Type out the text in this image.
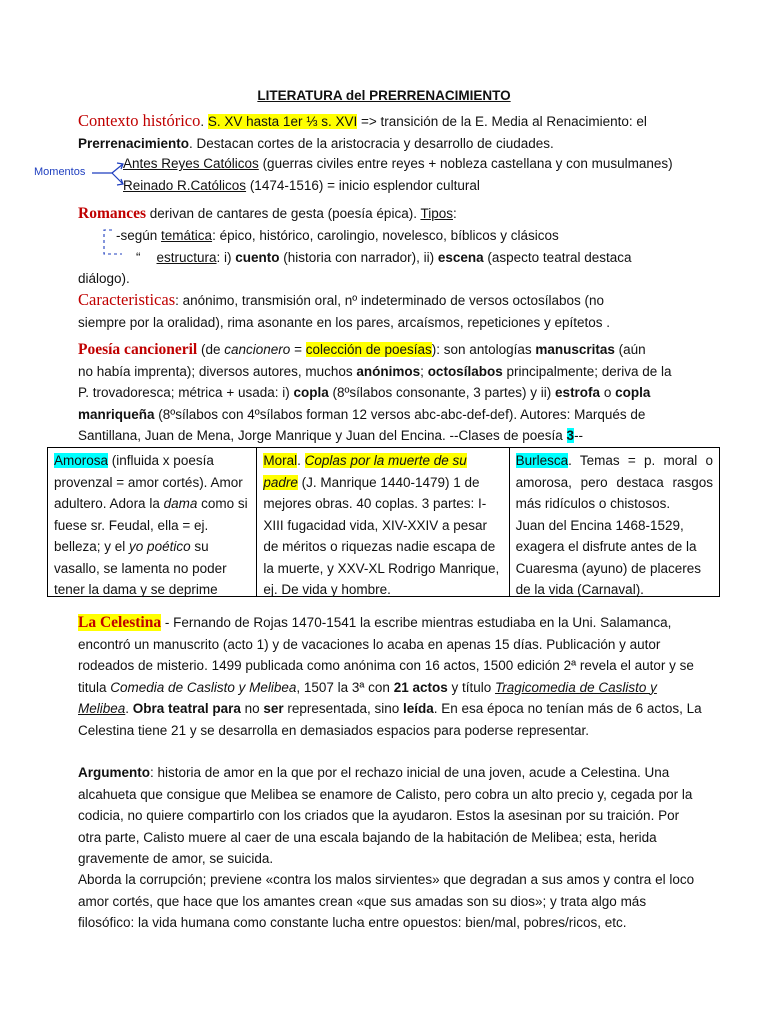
LITERATURA del PRERRENACIMIENTO
Contexto histórico. S. XV hasta 1er ⅓ s. XVI => transición de la E. Media al Renacimiento: el
Prerrenacimiento. Destacan cortes de la aristocracia y desarrollo de ciudades.
Momentos
Antes Reyes Católicos (guerras civiles entre reyes + nobleza castellana y con musulmanes)
Reinado R.Católicos (1474-1516) = inicio esplendor cultural
Romances derivan de cantares de gesta (poesía épica). Tipos:
-según temática: épico, histórico, carolingio, novelesco, bíblicos y clásicos
“ estructura: i) cuento (historia con narrador), ii) escena (aspecto teatral destaca
diálogo).
Caracteristicas: anónimo, transmisión oral, nº indeterminado de versos octosílabos (no
siempre por la oralidad), rima asonante en los pares, arcaísmos, repeticiones y epítetos .
Poesía cancioneril (de cancionero = colección de poesías): son antologías manuscritas (aún
no había imprenta); diversos autores, muchos anónimos; octosílabos principalmente; deriva de la
P. trovadoresca; métrica + usada: i) copla (8ºsílabos consonante, 3 partes) y ii) estrofa o copla
manriqueña (8ºsílabos con 4ºsílabos forman 12 versos abc-abc-def-def). Autores: Marqués de
Santillana, Juan de Mena, Jorge Manrique y Juan del Encina. --Clases de poesía 3--
Amorosa (influida x poesía provenzal = amor cortés). Amor adultero. Adora la dama como si fuese sr. Feudal, ella = ej. belleza; y el yo poético su vasallo, se lamenta no poder tener la dama y se deprime
Moral. Coplas por la muerte de su padre (J. Manrique 1440-1479) 1 de mejores obras. 40 coplas. 3 partes: I-XIII fugacidad vida, XIV-XXIV a pesar de méritos o riquezas nadie escapa de la muerte, y XXV-XL Rodrigo Manrique, ej. De vida y hombre.
Burlesca. Temas = p. moral o amorosa, pero destaca rasgos más ridículos o chistosos.

Juan del Encina 1468-1529, exagera el disfrute antes de la Cuaresma (ayuno) de placeres de la vida (Carnaval).
La Celestina - Fernando de Rojas 1470-1541 la escribe mientras estudiaba en la Uni. Salamanca, encontró un manuscrito (acto 1) y de vacaciones lo acaba en apenas 15 días. Publicación y autor rodeados de misterio. 1499 publicada como anónima con 16 actos, 1500 edición 2ª revela el autor y se titula Comedia de Caslisto y Melibea, 1507 la 3ª con 21 actos y título Tragicomedia de Caslisto y Melibea. Obra teatral para no ser representada, sino leída. En esa época no tenían más de 6 actos, La Celestina tiene 21 y se desarrolla en demasiados espacios para poderse representar.
Argumento: historia de amor en la que por el rechazo inicial de una joven, acude a Celestina. Una alcahueta que consigue que Melibea se enamore de Calisto, pero cobra un alto precio y, cegada por la codicia, no quiere compartirlo con los criados que la ayudaron. Estos la asesinan por su traición. Por otra parte, Calisto muere al caer de una escala bajando de la habitación de Melibea; esta, herida gravemente de amor, se suicida.
Aborda la corrupción; previene «contra los malos sirvientes» que degradan a sus amos y contra el loco amor cortés, que hace que los amantes crean «que sus amadas son su dios»; y trata algo más filosófico: la vida humana como constante lucha entre opuestos: bien/mal, pobres/ricos, etc.
